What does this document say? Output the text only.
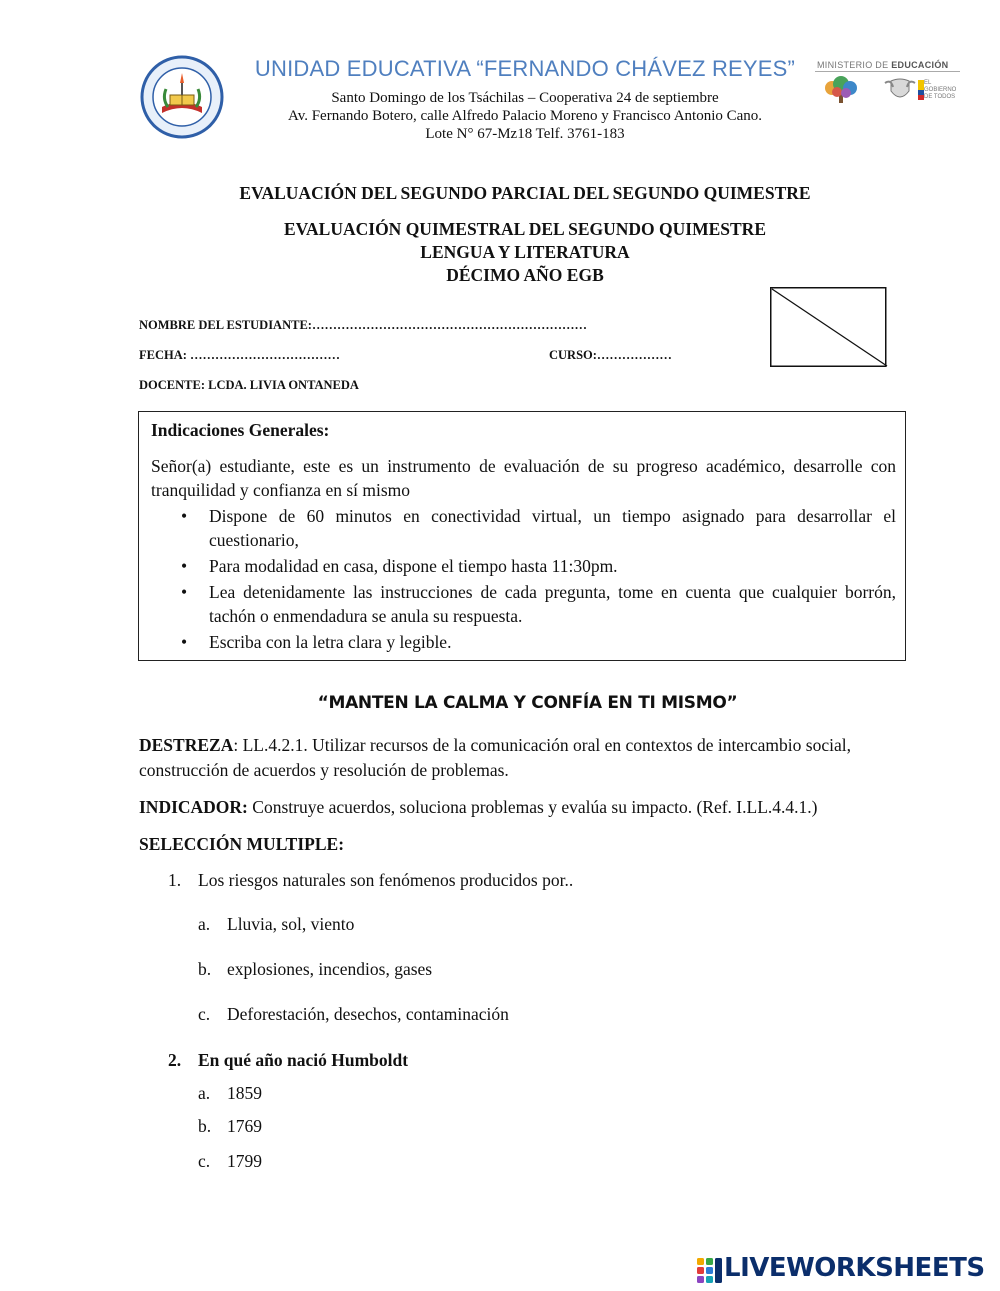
UNIDAD EDUCATIVA “FERNANDO CHÁVEZ REYES”
Santo Domingo de los Tsáchilas – Cooperativa 24 de septiembre
Av. Fernando Botero, calle Alfredo Palacio Moreno y Francisco Antonio Cano.
Lote N° 67-Mz18 Telf. 3761-183
MINISTERIO DE EDUCACIÓN
EL GOBIERNO DE TODOS
EVALUACIÓN DEL SEGUNDO PARCIAL DEL SEGUNDO QUIMESTRE
EVALUACIÓN QUIMESTRAL DEL SEGUNDO QUIMESTRE
LENGUA Y LITERATURA
DÉCIMO AÑO EGB
NOMBRE DEL ESTUDIANTE:…………………………………………………………
FECHA: ………………………………	CURSO:………………
DOCENTE: LCDA. LIVIA ONTANEDA
Indicaciones Generales:
Señor(a) estudiante, este es un instrumento de evaluación de su progreso académico, desarrolle con tranquilidad y confianza en sí mismo
• Dispone de 60 minutos en conectividad virtual, un tiempo asignado para desarrollar el cuestionario,
• Para modalidad en casa, dispone el tiempo hasta 11:30pm.
• Lea detenidamente las instrucciones de cada pregunta, tome en cuenta que cualquier borrón, tachón o enmendadura se anula su respuesta.
• Escriba con la letra clara y legible.
“MANTEN LA CALMA Y CONFÍA EN TI MISMO”
DESTREZA: LL.4.2.1. Utilizar recursos de la comunicación oral en contextos de intercambio social, construcción de acuerdos y resolución de problemas.
INDICADOR: Construye acuerdos, soluciona problemas y evalúa su impacto. (Ref. I.LL.4.4.1.)
SELECCIÓN MULTIPLE:
1. Los riesgos naturales son fenómenos producidos por..
a. Lluvia, sol, viento
b. explosiones, incendios, gases
c. Deforestación, desechos, contaminación
2. En qué año nació Humboldt
a. 1859
b. 1769
c. 1799
LIVEWORKSHEETS
